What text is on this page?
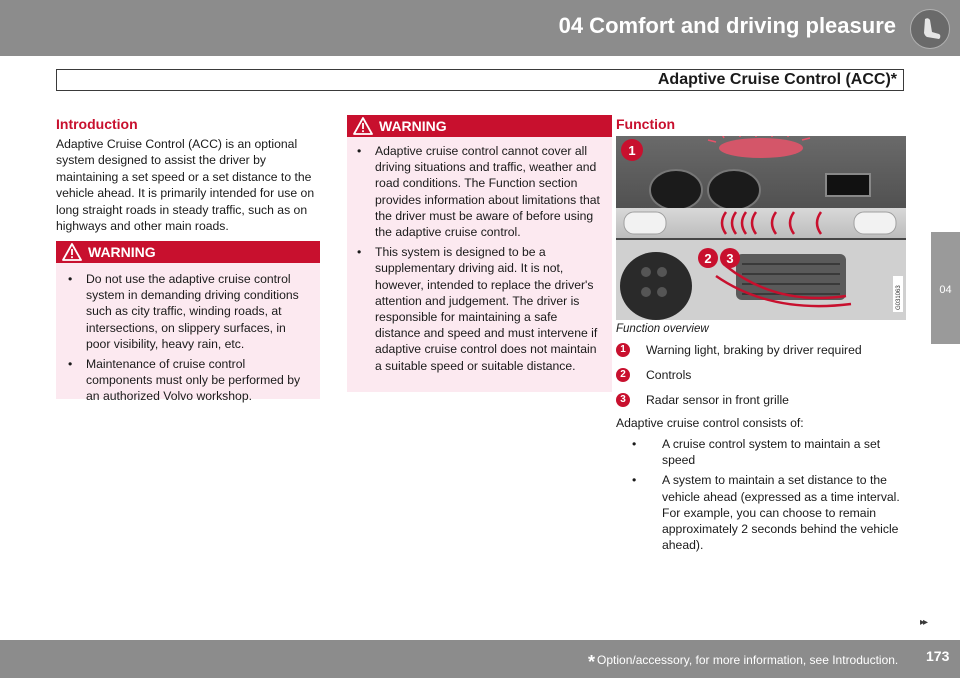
04 Comfort and driving pleasure
Adaptive Cruise Control (ACC)*
04
Introduction
Adaptive Cruise Control (ACC) is an optional system designed to assist the driver by maintaining a set speed or a set distance to the vehicle ahead. It is primarily intended for use on long straight roads in steady traffic, such as on highways and other main roads.
WARNING
• Do not use the adaptive cruise control system in demanding driving conditions such as city traffic, winding roads, at intersections, on slippery surfaces, in poor visibility, heavy rain, etc.
• Maintenance of cruise control components must only be performed by an authorized Volvo workshop.
WARNING
• Adaptive cruise control cannot cover all driving situations and traffic, weather and road conditions. The Function section provides information about limitations that the driver must be aware of before using the adaptive cruise control.
• This system is designed to be a supplementary driving aid. It is not, however, intended to replace the driver's attention and judgement. The driver is responsible for maintaining a safe distance and speed and must intervene if adaptive cruise control does not maintain a suitable speed or suitable distance.
Function
1
2 3
G031063
Function overview
1	Warning light, braking by driver required
2	Controls
3	Radar sensor in front grille
Adaptive cruise control consists of:
• A cruise control system to maintain a set speed
• A system to maintain a set distance to the vehicle ahead (expressed as a time interval. For example, you can choose to remain approximately 2 seconds behind the vehicle ahead).
▸▸
* Option/accessory, for more information, see Introduction. 173
